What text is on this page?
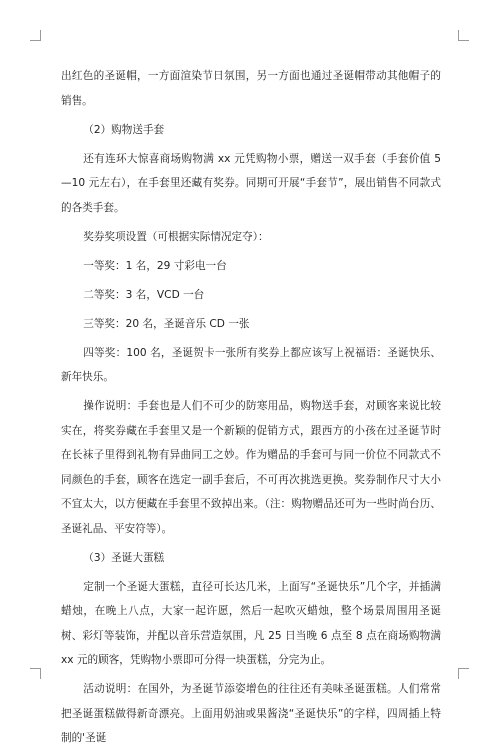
出红色的圣诞帽，一方面渲染节日氛围，另一方面也通过圣诞帽带动其他帽子的销售。

（2）购物送手套

还有连环大惊喜商场购物满 xx 元凭购物小票，赠送一双手套（手套价值 5—10 元左右），在手套里还藏有奖券。同期可开展“手套节”，展出销售不同款式的各类手套。

奖券奖项设置（可根据实际情况定夺）：

一等奖：1 名，29 寸彩电一台

二等奖：3 名，VCD 一台

三等奖：20 名，圣诞音乐 CD 一张

四等奖：100 名，圣诞贺卡一张所有奖券上都应该写上祝福语：圣诞快乐、新年快乐。

操作说明：手套也是人们不可少的防寒用品，购物送手套，对顾客来说比较实在，将奖券藏在手套里又是一个新颖的促销方式，跟西方的小孩在过圣诞节时在长袜子里得到礼物有异曲同工之妙。作为赠品的手套可与同一价位不同款式不同颜色的手套，顾客在选定一副手套后，不可再次挑选更换。奖券制作尺寸大小不宜太大，以方便藏在手套里不致掉出来。（注：购物赠品还可为一些时尚台历、圣诞礼品、平安符等）。

（3）圣诞大蛋糕

定制一个圣诞大蛋糕，直径可长达几米，上面写“圣诞快乐”几个字，并插满蜡烛，在晚上八点，大家一起许愿，然后一起吹灭蜡烛，整个场景周围用圣诞树、彩灯等装饰，并配以音乐营造氛围，凡 25 日当晚 6 点至 8 点在商场购物满 xx 元的顾客，凭购物小票即可分得一块蛋糕，分完为止。

活动说明：在国外，为圣诞节添姿增色的往往还有美味圣诞蛋糕。人们常常把圣诞蛋糕做得新奇漂亮。上面用奶油或果酱浇“圣诞快乐”的字样，四周插上特制的'圣诞
